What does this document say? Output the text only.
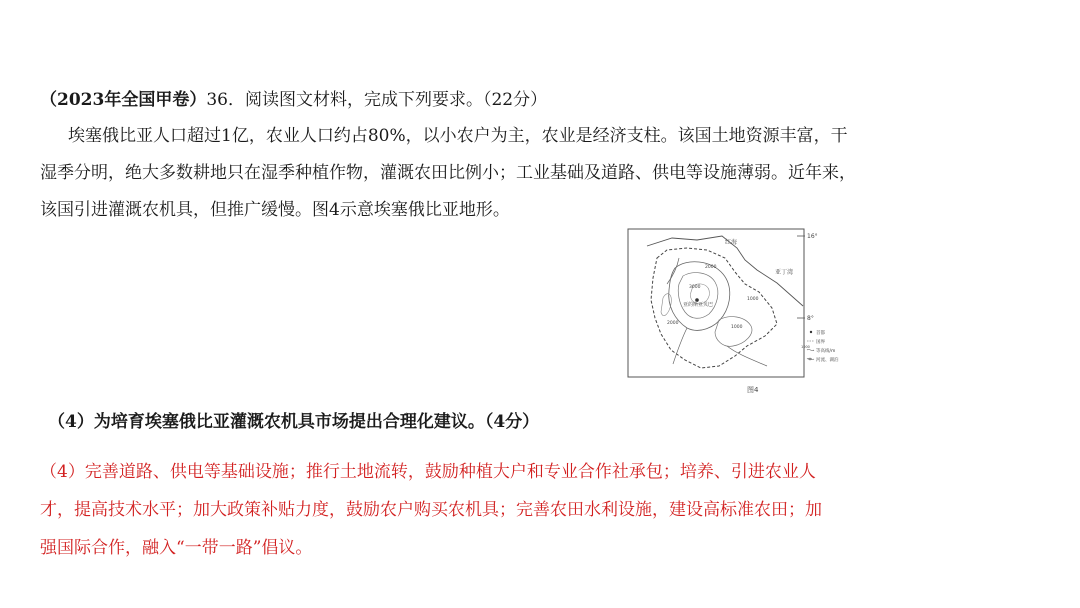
（2023年全国甲卷）36．阅读图文材料，完成下列要求。（22分）
埃塞俄比亚人口超过1亿，农业人口约占80%，以小农户为主，农业是经济支柱。该国土地资源丰富，干
湿季分明，绝大多数耕地只在湿季种植作物，灌溉农田比例小；工业基础及道路、供电等设施薄弱。近年来，
该国引进灌溉农机具，但推广缓慢。图4示意埃塞俄比亚地形。
16°
8°
红海
亚丁湾
亚的斯亚贝巴
2000
3000
1000
2000
1000
首都
国界
1000
等高线/m
河流、湖泊
图4
（4）为培育埃塞俄比亚灌溉农机具市场提出合理化建议。（4分）
（4）完善道路、供电等基础设施；推行土地流转，鼓励种植大户和专业合作社承包；培养、引进农业人
才，提高技术水平；加大政策补贴力度，鼓励农户购买农机具；完善农田水利设施，建设高标准农田；加
强国际合作，融入“一带一路”倡议。
